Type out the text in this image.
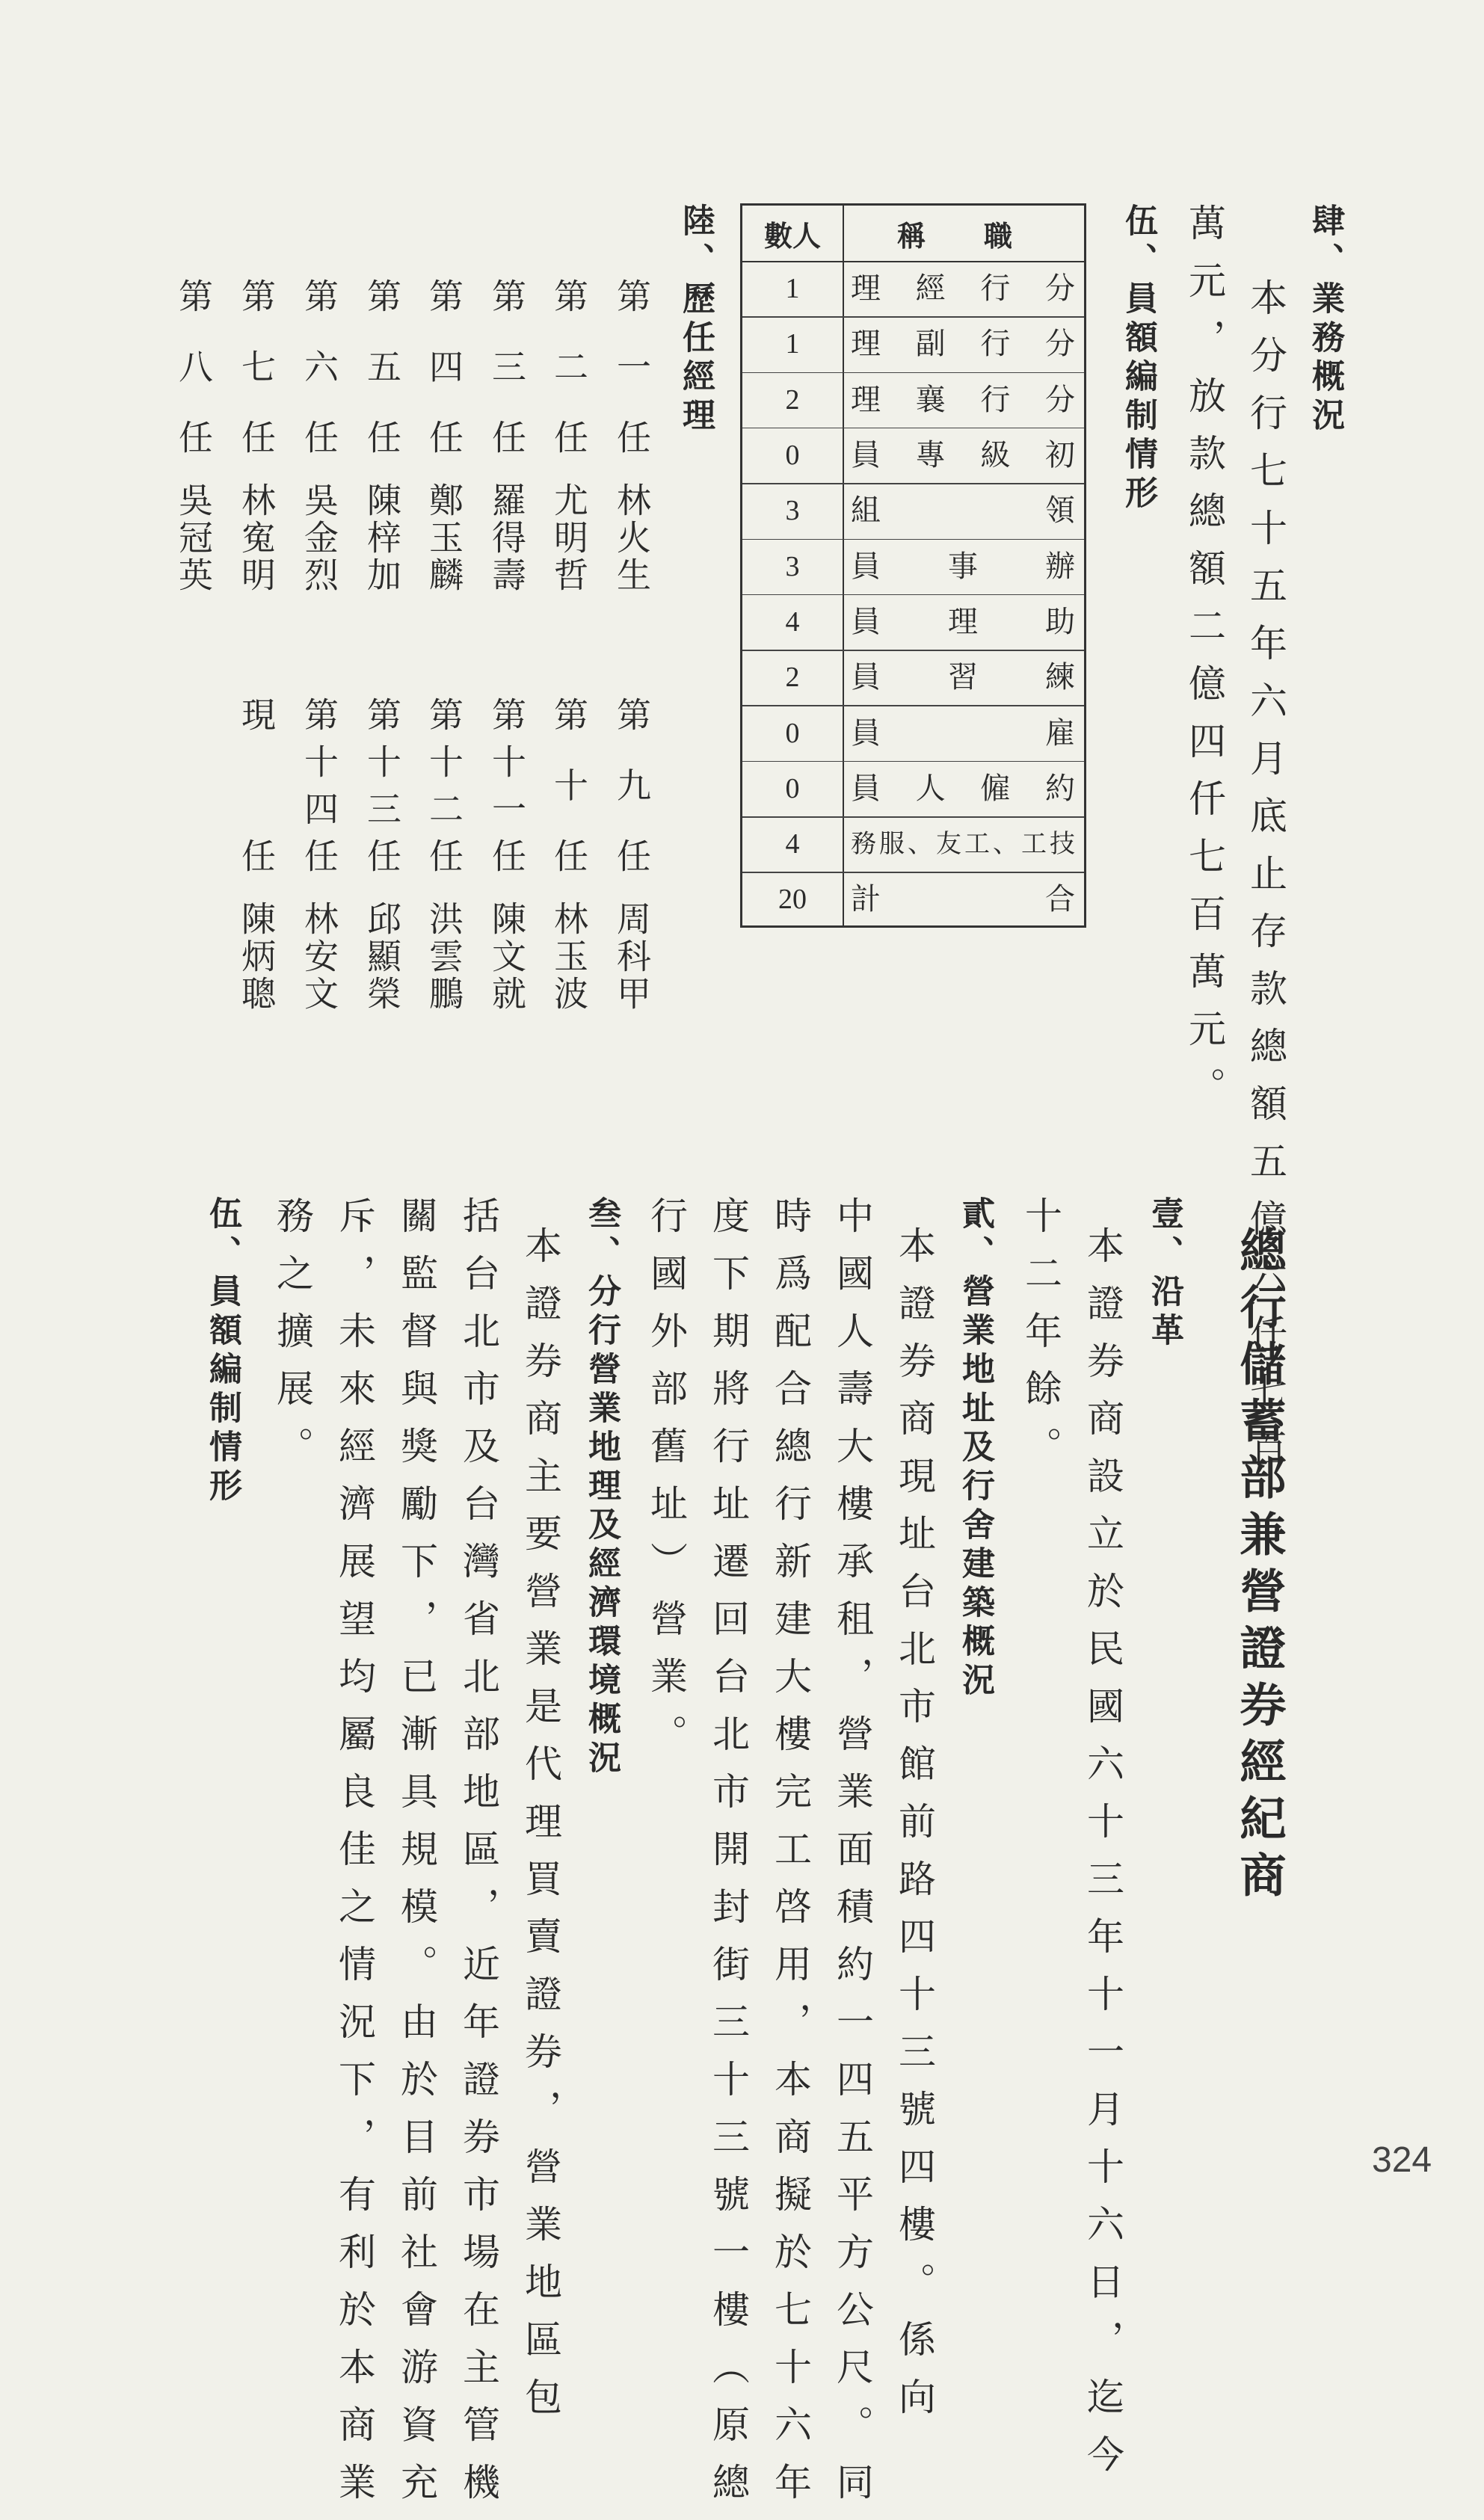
肆、業務概況
本分行七十五年六月底止存款總額五億六仟七百
萬元，放款總額二億四仟七百萬元。
伍、員額編制情形
稱　職
數人
分行經理
1
分行副理
1
分行襄理
2
初級專員
0
領組
3
辦事員
3
助理員
4
練習員
2
雇員
0
約僱人員
0
技工、工友、服務
4
合計
20
陸、歷任經理
第一任林火生
第九任周科甲
第二任尤明哲
第十任林玉波
第三任羅得壽
第十一任陳文就
第四任鄭玉麟
第十二任洪雲鵬
第五任陳梓加
第十三任邱顯榮
第六任吳金烈
第十四任林安文
第七任林寃明
現任陳炳聰
第八任吳冠英
總行儲蓄部兼營證券經紀商
壹、沿革
本證券商設立於民國六十三年十一月十六日，迄今
十二年餘。
貳、營業地址及行舍建築概況
本證券商現址台北市館前路四十三號四樓。係向
中國人壽大樓承租，營業面積約一四五平方公尺。同
時爲配合總行新建大樓完工啓用，本商擬於七十六年
度下期將行址遷回台北市開封街三十三號一樓（原總
行國外部舊址）營業。
叁、分行營業地理及經濟環境概況
本證券商主要營業是代理買賣證券，營業地區包
括台北市及台灣省北部地區，近年證券市場在主管機
關監督與獎勵下，已漸具規模。由於目前社會游資充
斥，未來經濟展望均屬良佳之情況下，有利於本商業
務之擴展。
伍、員額編制情形
324
